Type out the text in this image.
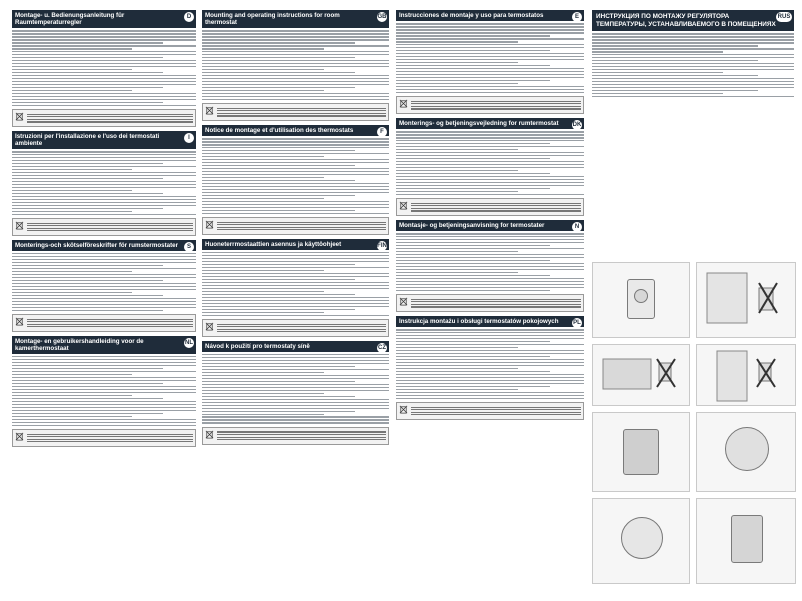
Montage- u. Bedienungsanleitung für Raumtemperaturregler
D
Istruzioni per l'installazione e l'uso dei termostati ambiente
I
Monterings-och skötselföreskrifter för rumstermostater	S
Montage- en gebruikershandleiding voor de kamerthermostaat
NL
Mounting and operating instructions for room thermostat
GB
Notice de montage et d'utilisation des thermostats	F
Huoneterrmostaattien asennus ja käyttöohjeet	FIN
Návod k použití pro termostaty síně	CZ
Instrucciones de montaje y uso para termostatos	E
Monterings- og betjeningsvejledning for rumtermostat DK
Montasje- og betjeningsanvisning for termostater	N
Instrukcja montażu i obsługi termostatów pokojowych PL
ИНСТРУКЦИЯ ПО МОНТАЖУ РЕГУЛЯТОРА ТЕМПЕРАТУРЫ, УСТАНАВЛИВАЕМОГО В ПОМЕЩЕНИЯХ
RUS
